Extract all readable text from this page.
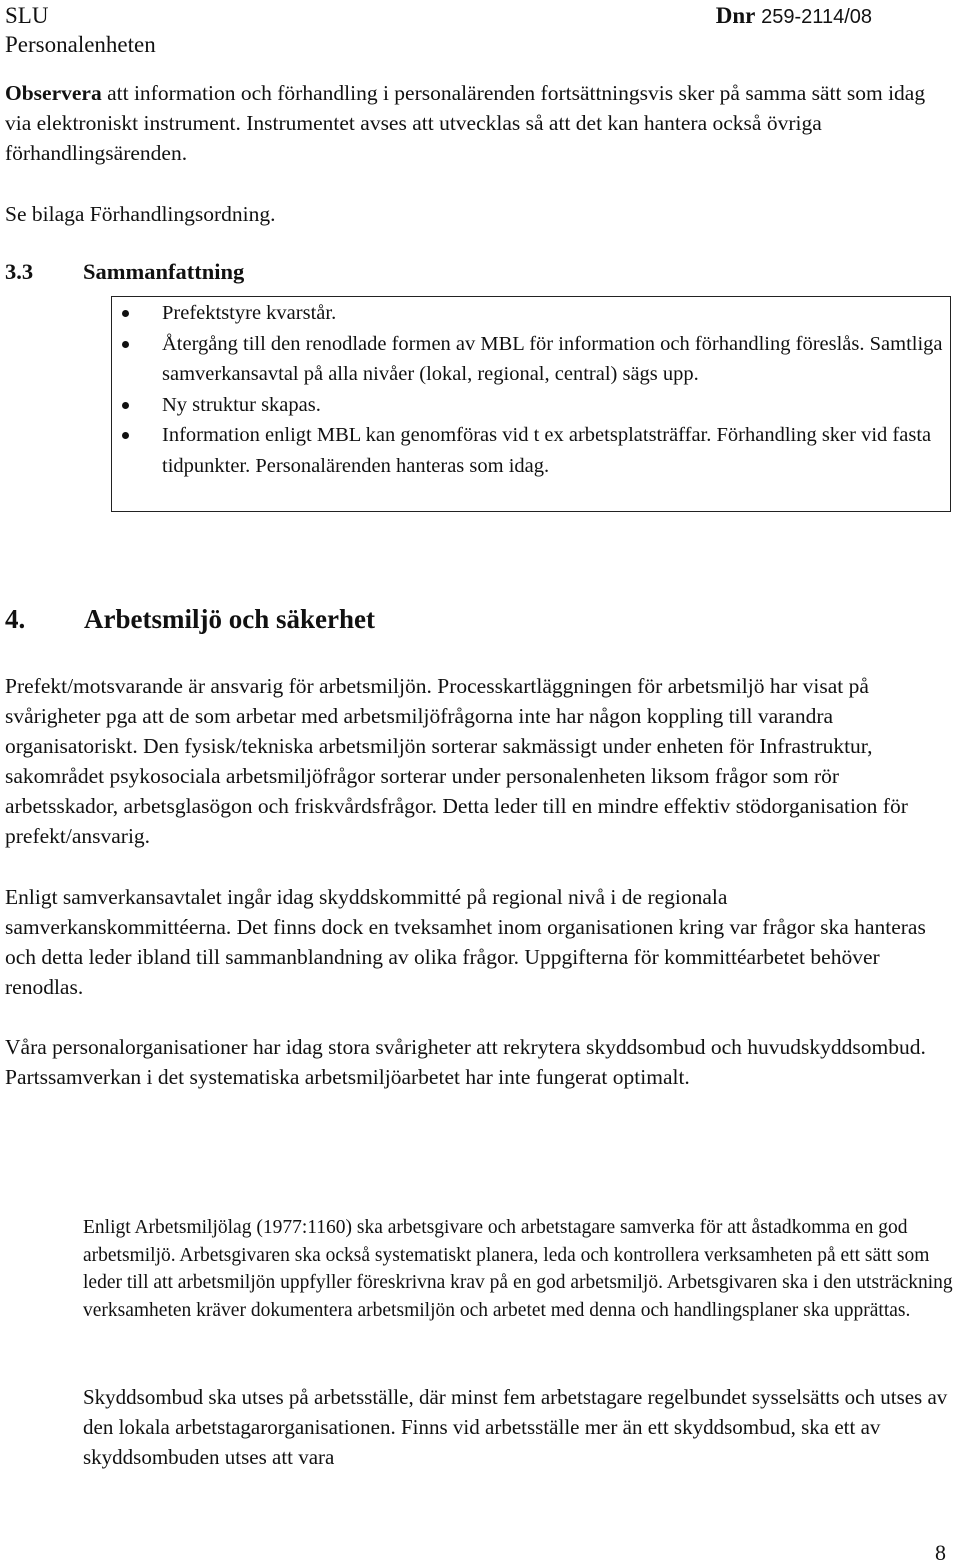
SLU
Personalenheten
Dnr 259-2114/08

Observera att information och förhandling i personalärenden fortsättningsvis sker på samma sätt som idag via elektroniskt instrument. Instrumentet avses att utvecklas så att det kan hantera också övriga förhandlingsärenden.

Se bilaga Förhandlingsordning.

3.3 Sammanfattning
Prefektstyre kvarstår.
Återgång till den renodlade formen av MBL för information och förhandling föreslås. Samtliga samverkansavtal på alla nivåer (lokal, regional, central) sägs upp.
Ny struktur skapas.
Information enligt MBL kan genomföras vid t ex arbetsplatsträffar. Förhandling sker vid fasta tidpunkter. Personalärenden hanteras som idag.
4. Arbetsmiljö och säkerhet

Prefekt/motsvarande är ansvarig för arbetsmiljön. Processkartläggningen för arbetsmiljö har visat på svårigheter pga att de som arbetar med arbetsmiljöfrågorna inte har någon koppling till varandra organisatoriskt. Den fysisk/tekniska arbetsmiljön sorterar sakmässigt under enheten för Infrastruktur, sakområdet psykosociala arbetsmiljöfrågor sorterar under personalenheten liksom frågor som rör arbetsskador, arbetsglasögon och friskvårdsfrågor. Detta leder till en mindre effektiv stödorganisation för prefekt/ansvarig.

Enligt samverkansavtalet ingår idag skyddskommitté på regional nivå i de regionala samverkanskommittéerna. Det finns dock en tveksamhet inom organisationen kring var frågor ska hanteras och detta leder ibland till sammanblandning av olika frågor. Uppgifterna för kommittéarbetet behöver renodlas.

Våra personalorganisationer har idag stora svårigheter att rekrytera skyddsombud och huvudskyddsombud. Partssamverkan i det systematiska arbetsmiljöarbetet har inte fungerat optimalt.

Enligt Arbetsmiljölag (1977:1160) ska arbetsgivare och arbetstagare samverka för att åstadkomma en god arbetsmiljö. Arbetsgivaren ska också systematiskt planera, leda och kontrollera verksamheten på ett sätt som leder till att arbetsmiljön uppfyller föreskrivna krav på en god arbetsmiljö. Arbetsgivaren ska i den utsträckning verksamheten kräver dokumentera arbetsmiljön och arbetet med denna och handlingsplaner ska upprättas.

Skyddsombud ska utses på arbetsställe, där minst fem arbetstagare regelbundet sysselsätts och utses av den lokala arbetstagarorganisationen. Finns vid arbetsställe mer än ett skyddsombud, ska ett av skyddsombuden utses att vara

8
